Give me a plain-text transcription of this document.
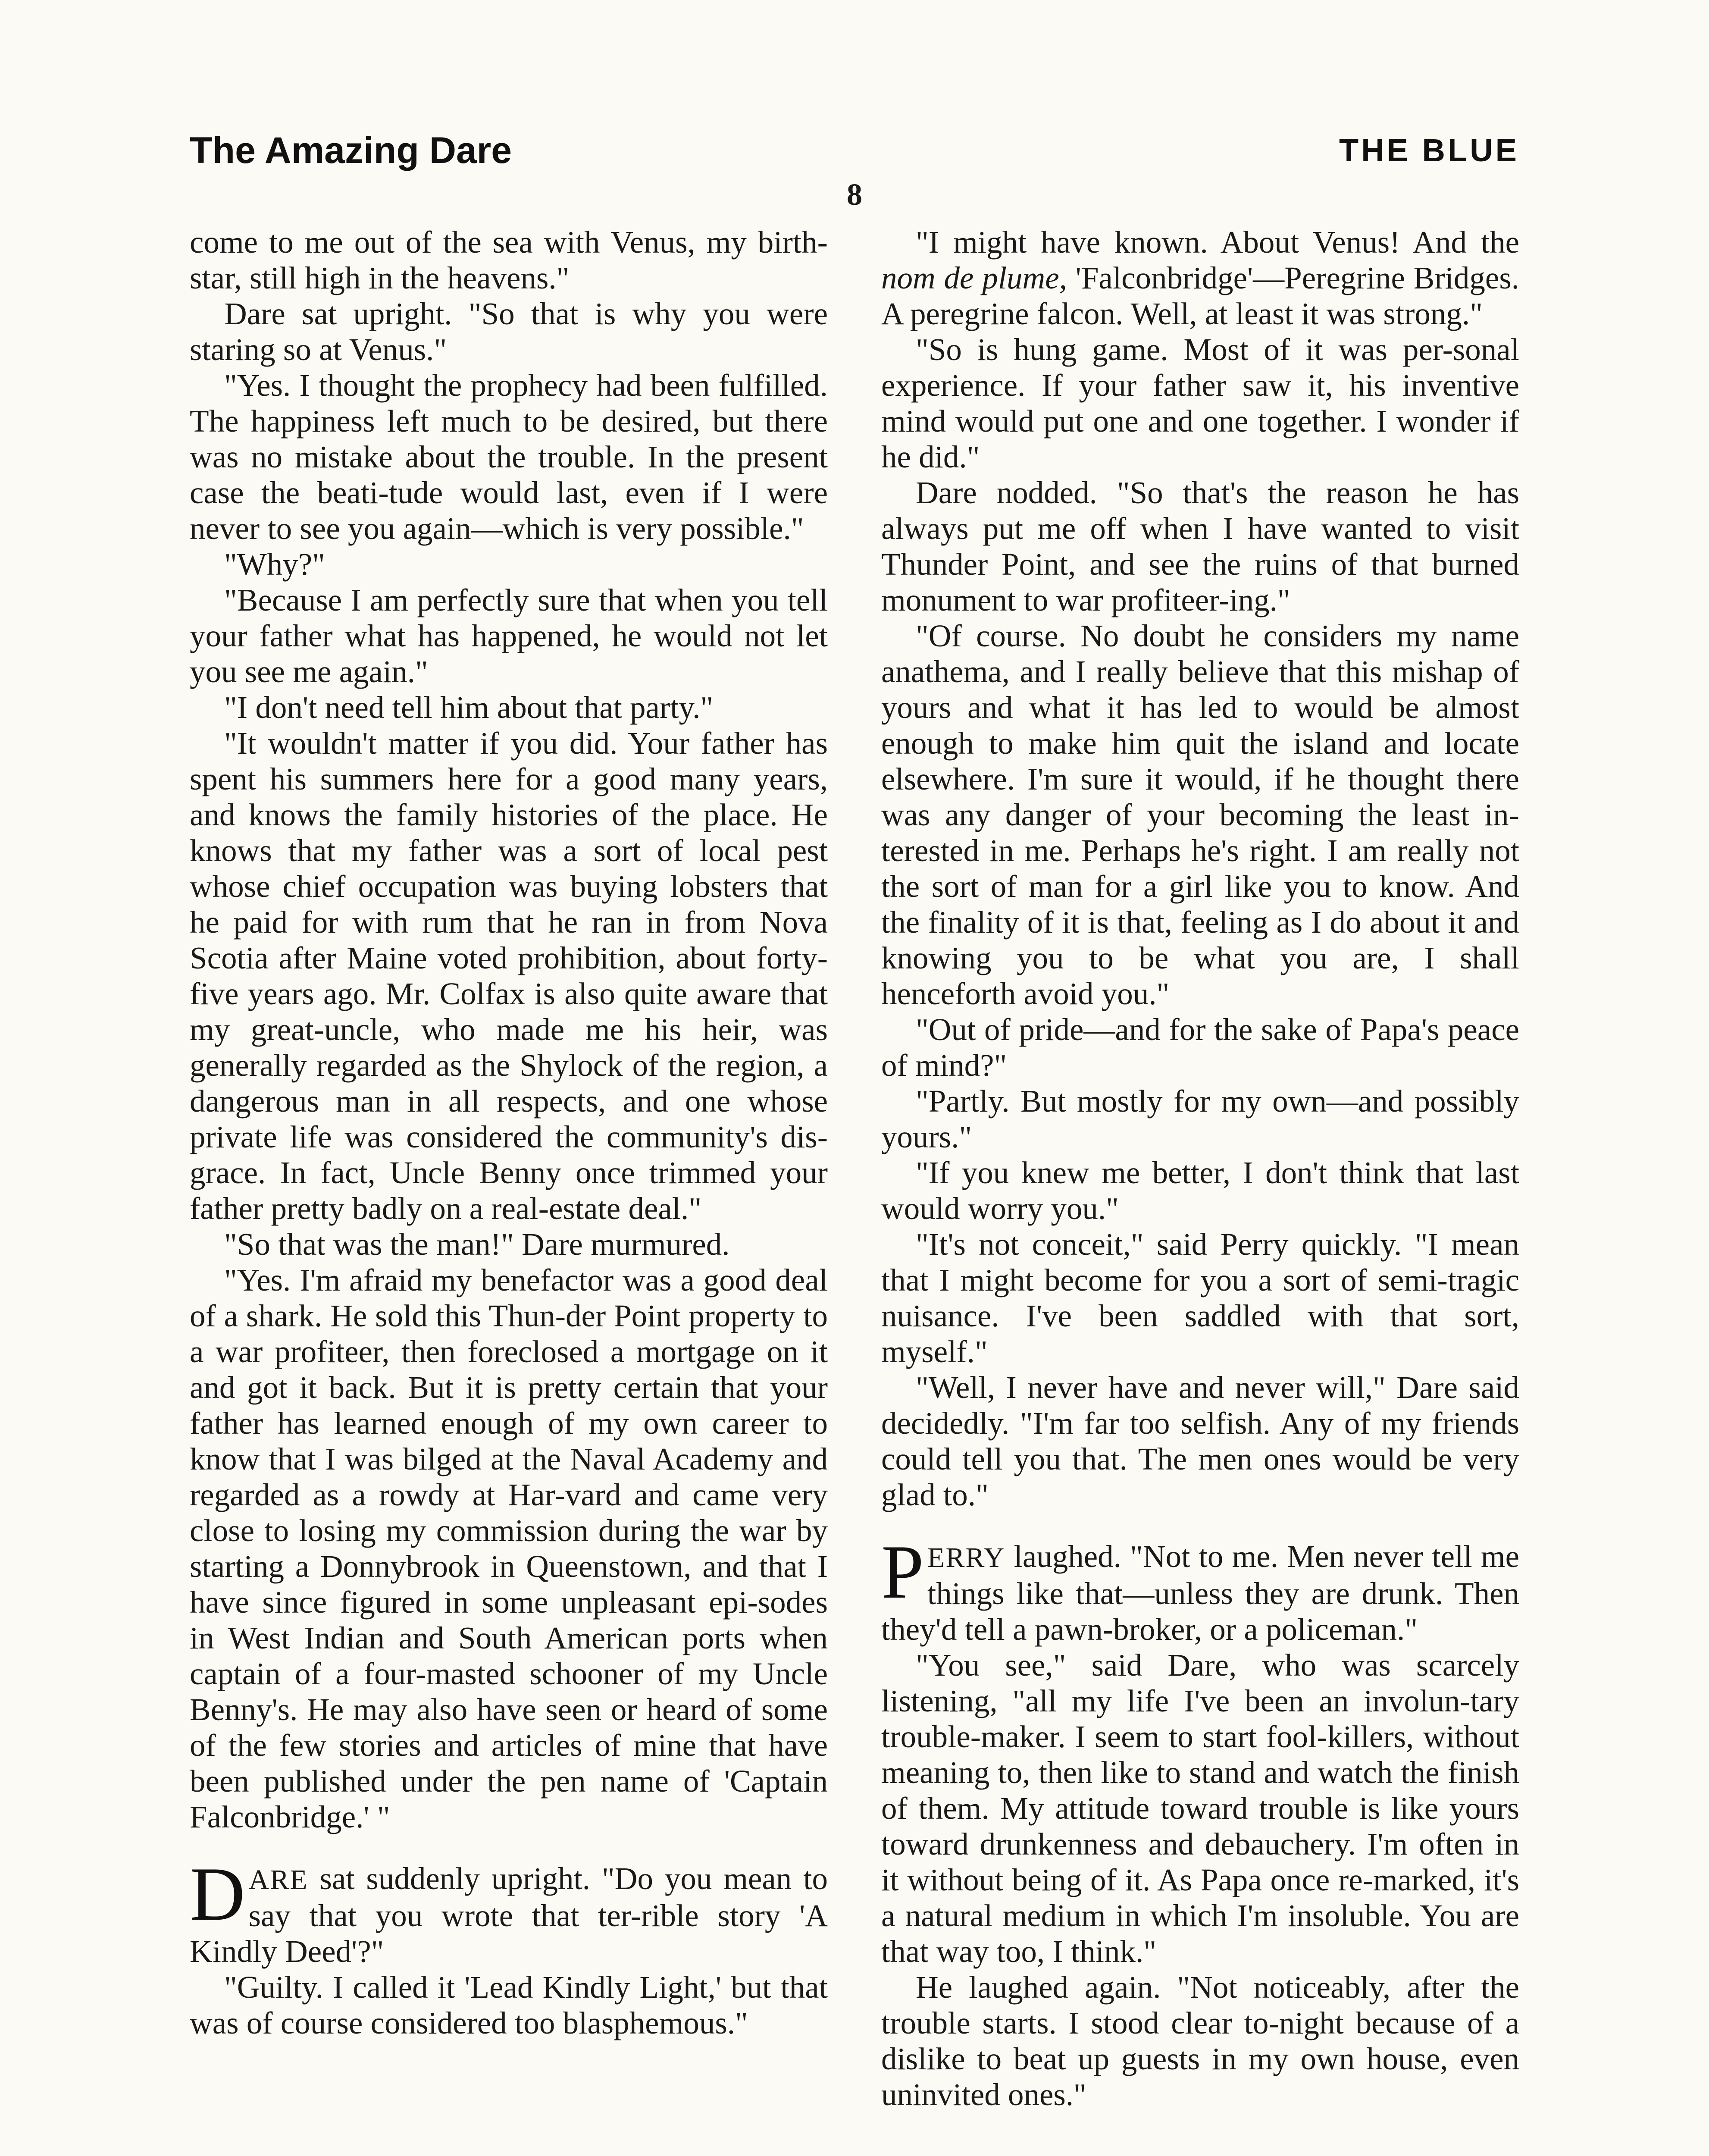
The Amazing Dare	THE BLUE
8

come to me out of the sea with Venus, my birth-star, still high in the heavens."

Dare sat upright. "So that is why you were staring so at Venus."

"Yes. I thought the prophecy had been fulfilled. The happiness left much to be desired, but there was no mistake about the trouble. In the present case the beati-tude would last, even if I were never to see you again—which is very possible."

"Why?"

"Because I am perfectly sure that when you tell your father what has happened, he would not let you see me again."

"I don't need tell him about that party."

"It wouldn't matter if you did. Your father has spent his summers here for a good many years, and knows the family histories of the place. He knows that my father was a sort of local pest whose chief occupation was buying lobsters that he paid for with rum that he ran in from Nova Scotia after Maine voted prohibition, about forty-five years ago. Mr. Colfax is also quite aware that my great-uncle, who made me his heir, was generally regarded as the Shylock of the region, a dangerous man in all respects, and one whose private life was considered the community's dis-grace. In fact, Uncle Benny once trimmed your father pretty badly on a real-estate deal."

"So that was the man!" Dare murmured.

"Yes. I'm afraid my benefactor was a good deal of a shark. He sold this Thun-der Point property to a war profiteer, then foreclosed a mortgage on it and got it back. But it is pretty certain that your father has learned enough of my own career to know that I was bilged at the Naval Academy and regarded as a rowdy at Har-vard and came very close to losing my commission during the war by starting a Donnybrook in Queenstown, and that I have since figured in some unpleasant epi-sodes in West Indian and South American ports when captain of a four-masted schooner of my Uncle Benny's. He may also have seen or heard of some of the few stories and articles of mine that have been published under the pen name of 'Captain Falconbridge.' "

DARE sat suddenly upright. "Do you mean to say that you wrote that ter-rible story 'A Kindly Deed'?"

"Guilty. I called it 'Lead Kindly Light,' but that was of course considered too blasphemous."

"I might have known. About Venus! And the nom de plume, 'Falconbridge'—Peregrine Bridges. A peregrine falcon. Well, at least it was strong."

"So is hung game. Most of it was per-sonal experience. If your father saw it, his inventive mind would put one and one together. I wonder if he did."

Dare nodded. "So that's the reason he has always put me off when I have wanted to visit Thunder Point, and see the ruins of that burned monument to war profiteer-ing."

"Of course. No doubt he considers my name anathema, and I really believe that this mishap of yours and what it has led to would be almost enough to make him quit the island and locate elsewhere. I'm sure it would, if he thought there was any danger of your becoming the least in-terested in me. Perhaps he's right. I am really not the sort of man for a girl like you to know. And the finality of it is that, feeling as I do about it and knowing you to be what you are, I shall henceforth avoid you."

"Out of pride—and for the sake of Papa's peace of mind?"

"Partly. But mostly for my own—and possibly yours."

"If you knew me better, I don't think that last would worry you."

"It's not conceit," said Perry quickly. "I mean that I might become for you a sort of semi-tragic nuisance. I've been saddled with that sort, myself."

"Well, I never have and never will," Dare said decidedly. "I'm far too selfish. Any of my friends could tell you that. The men ones would be very glad to."

PERRY laughed. "Not to me. Men never tell me things like that—unless they are drunk. Then they'd tell a pawn-broker, or a policeman."

"You see," said Dare, who was scarcely listening, "all my life I've been an involun-tary trouble-maker. I seem to start fool-killers, without meaning to, then like to stand and watch the finish of them. My attitude toward trouble is like yours toward drunkenness and debauchery. I'm often in it without being of it. As Papa once re-marked, it's a natural medium in which I'm insoluble. You are that way too, I think."

He laughed again. "Not noticeably, after the trouble starts. I stood clear to-night because of a dislike to beat up guests in my own house, even uninvited ones."
